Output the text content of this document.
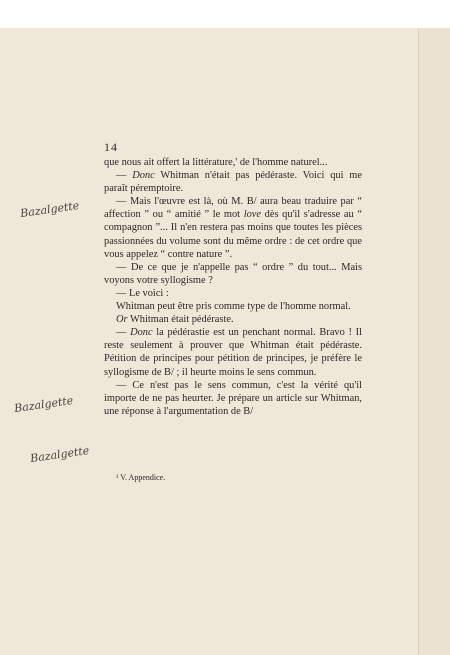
14

que nous ait offert la littérature,' de l'homme naturel...

— Donc Whitman n'était pas pédéraste. Voici qui me paraît péremptoire.

— Mais l'œuvre est là, où M. B/ aura beau traduire par “ affection ” ou “ amitié ” le mot love dès qu'il s'adresse au “ compagnon ”... Il n'en restera pas moins que toutes les pièces passionnées du volume sont du même ordre : de cet ordre que vous appelez “ contre nature ”.

— De ce que je n'appelle pas “ ordre ” du tout... Mais voyons votre syllogisme ?

— Le voici :

Whitman peut être pris comme type de l'homme normal.

Or Whitman était pédéraste.

— Donc la pédérastie est un penchant normal. Bravo ! Il reste seulement à prouver que Whitman était pédéraste. Pétition de principes pour pétition de principes, je préfère le syllogisme de B/ ; il heurte moins le sens commun.

— Ce n'est pas le sens commun, c'est la vérité qu'il importe de ne pas heurter. Je prépare un article sur Whitman, une réponse à l'argumentation de B/

¹ V. Appendice.
Bazalgette
Bazalgette
Bazalgette
